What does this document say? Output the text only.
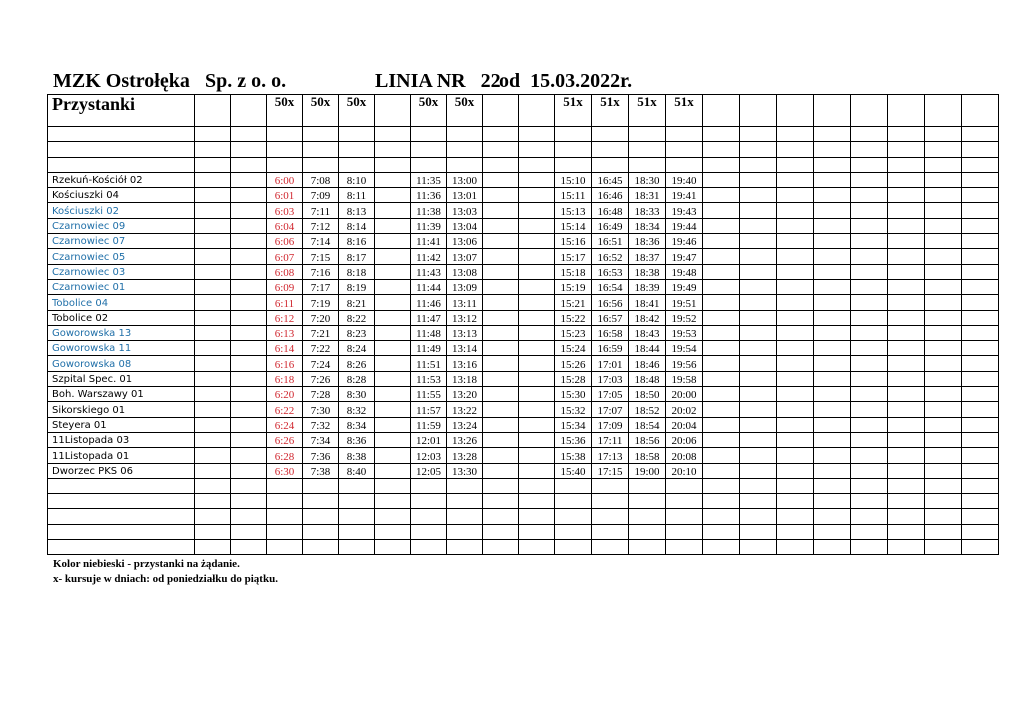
MZK Ostrołęka Sp. z o. o.	LINIA NR   22
od  15.03.2022r.
Przystanki			50x	50x	50x		50x	50x			51x	51x	51x	51x								

Rzekuń-Kościół 02			6:00	7:08	8:10		11:35	13:00			15:10	16:45	18:30	19:40								
Kościuszki 04			6:01	7:09	8:11		11:36	13:01			15:11	16:46	18:31	19:41								
Kościuszki 02			6:03	7:11	8:13		11:38	13:03			15:13	16:48	18:33	19:43								
Czarnowiec 09			6:04	7:12	8:14		11:39	13:04			15:14	16:49	18:34	19:44								
Czarnowiec 07			6:06	7:14	8:16		11:41	13:06			15:16	16:51	18:36	19:46								
Czarnowiec 05			6:07	7:15	8:17		11:42	13:07			15:17	16:52	18:37	19:47								
Czarnowiec 03			6:08	7:16	8:18		11:43	13:08			15:18	16:53	18:38	19:48								
Czarnowiec 01			6:09	7:17	8:19		11:44	13:09			15:19	16:54	18:39	19:49								
Tobolice 04			6:11	7:19	8:21		11:46	13:11			15:21	16:56	18:41	19:51								
Tobolice 02			6:12	7:20	8:22		11:47	13:12			15:22	16:57	18:42	19:52								
Goworowska 13			6:13	7:21	8:23		11:48	13:13			15:23	16:58	18:43	19:53								
Goworowska 11			6:14	7:22	8:24		11:49	13:14			15:24	16:59	18:44	19:54								
Goworowska 08			6:16	7:24	8:26		11:51	13:16			15:26	17:01	18:46	19:56								
Szpital Spec. 01			6:18	7:26	8:28		11:53	13:18			15:28	17:03	18:48	19:58								
Boh. Warszawy 01			6:20	7:28	8:30		11:55	13:20			15:30	17:05	18:50	20:00								
Sikorskiego 01			6:22	7:30	8:32		11:57	13:22			15:32	17:07	18:52	20:02								
Steyera 01			6:24	7:32	8:34		11:59	13:24			15:34	17:09	18:54	20:04								
11Listopada 03			6:26	7:34	8:36		12:01	13:26			15:36	17:11	18:56	20:06								
11Listopada 01			6:28	7:36	8:38		12:03	13:28			15:38	17:13	18:58	20:08								
Dworzec PKS 06			6:30	7:38	8:40		12:05	13:30			15:40	17:15	19:00	20:10								

Kolor niebieski - przystanki na żądanie.
x- kursuje w dniach: od poniedziałku do piątku.
